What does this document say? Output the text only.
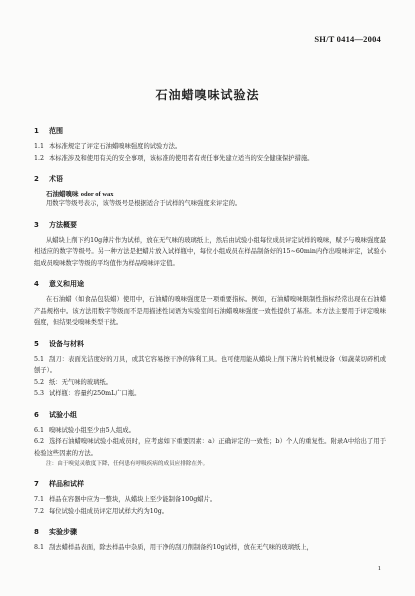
SH/T 0414—2004
石油蜡嗅味试验法
1 范围

1.1 本标准规定了评定石油蜡嗅味强度的试验方法。

1.2 本标准涉及和使用有关的安全事项，该标准的使用者有责任事先建立适当的安全健康保护措施。

2 术语
石油蜡嗅味 odor of wax

用数字等级号表示，该等级号是根据适合于试样的气味强度来评定的。

3 方法概要

从蜡块上削下约10g薄片作为试样，放在无气味的玻璃纸上，然后由试验小组每位成员评定试样的嗅味，赋予与嗅味强度最相适应的数字等级号。另一种方法是把蜡片放入试样瓶中，每位小组成员在样品制备好的15~60min内作出嗅味评定，试验小组成员嗅味数字等级的平均值作为样品嗅味评定值。

4 意义和用途

在石油蜡（如食品包装蜡）使用中，石油蜡的嗅味强度是一项重要指标。例如，石油蜡嗅味限制性指标经常出现在石油蜡产品规格中。该方法用数字等级而不是用描述性词语为实验室间石油蜡嗅味强度一致性提供了基准。本方法主要用于评定嗅味强度，但结果受嗅味类型干扰。

5 设备与材料

5.1 刮刀：表面光洁度好的刀具，或其它容易擦干净的锋利工具。也可使用能从蜡块上削下薄片的机械设备（如蔬菜切碎机或刨子）。

5.2 纸：无气味的玻璃纸。

5.3 试样瓶：容量约250mL广口瓶。

6 试验小组

6.1 嗅味试验小组至少由5人组成。

6.2 选择石油蜡嗅味试验小组成员时，应考虑如下重要因素：a）正确评定的一致性；b）个人的重复性。附录A中给出了用于检验这些因素的方法。

注：由于嗅觉灵敏度下降，任何患有呼吸疾病的成员应排除在外。

7 样品和试样

7.1 样品在容器中应为一整块，从蜡块上至少能制备100g蜡片。

7.2 每位试验小组成员评定用试样大约为10g。

8 实验步骤

8.1 刮去蜡样品表面，除去样品中杂质，用干净的刮刀削制备约10g试样，放在无气味的玻璃纸上，

1
